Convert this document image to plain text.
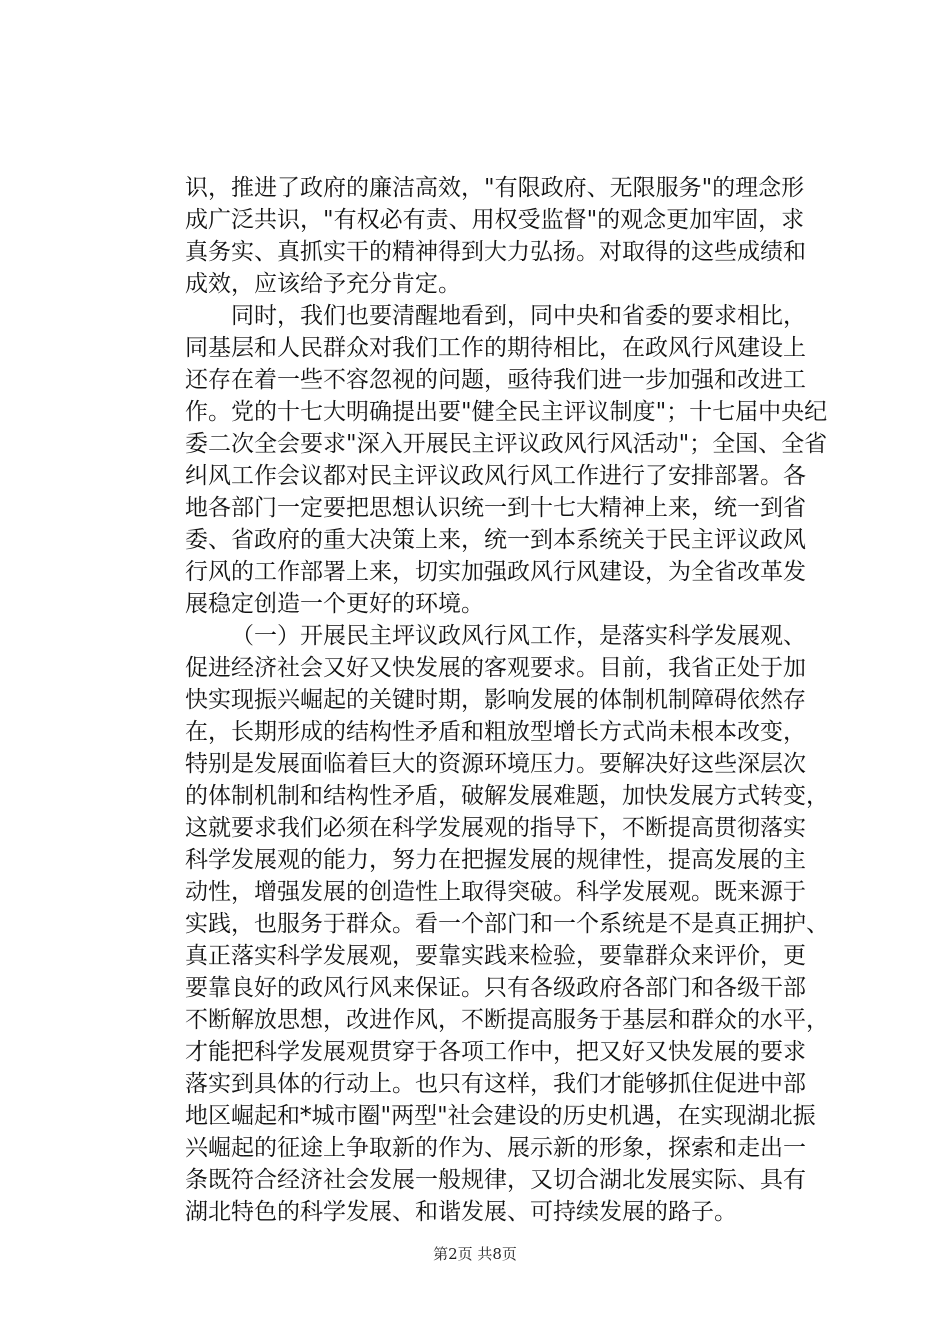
识，推进了政府的廉洁高效，"有限政府、无限服务"的理念形
成广泛共识，"有权必有责、用权受监督"的观念更加牢固，求
真务实、真抓实干的精神得到大力弘扬。对取得的这些成绩和
成效，应该给予充分肯定。
同时，我们也要清醒地看到，同中央和省委的要求相比，
同基层和人民群众对我们工作的期待相比，在政风行风建设上
还存在着一些不容忽视的问题，亟待我们进一步加强和改进工
作。党的十七大明确提出要"健全民主评议制度"；十七届中央纪
委二次全会要求"深入开展民主评议政风行风活动"；全国、全省
纠风工作会议都对民主评议政风行风工作进行了安排部署。各
地各部门一定要把思想认识统一到十七大精神上来，统一到省
委、省政府的重大决策上来，统一到本系统关于民主评议政风
行风的工作部署上来，切实加强政风行风建设，为全省改革发
展稳定创造一个更好的环境。
（一）开展民主坪议政风行风工作，是落实科学发展观、
促进经济社会又好又快发展的客观要求。目前，我省正处于加
快实现振兴崛起的关键时期，影响发展的体制机制障碍依然存
在，长期形成的结构性矛盾和粗放型增长方式尚未根本改变，
特别是发展面临着巨大的资源环境压力。要解决好这些深层次
的体制机制和结构性矛盾，破解发展难题，加快发展方式转变，
这就要求我们必须在科学发展观的指导下，不断提高贯彻落实
科学发展观的能力，努力在把握发展的规律性，提高发展的主
动性，增强发展的创造性上取得突破。科学发展观。既来源于
实践，也服务于群众。看一个部门和一个系统是不是真正拥护、
真正落实科学发展观，要靠实践来检验，要靠群众来评价，更
要靠良好的政风行风来保证。只有各级政府各部门和各级干部
不断解放思想，改进作风，不断提高服务于基层和群众的水平，
才能把科学发展观贯穿于各项工作中，把又好又快发展的要求
落实到具体的行动上。也只有这样，我们才能够抓住促进中部
地区崛起和*城市圈"两型"社会建设的历史机遇，在实现湖北振
兴崛起的征途上争取新的作为、展示新的形象，探索和走出一
条既符合经济社会发展一般规律，又切合湖北发展实际、具有
湖北特色的科学发展、和谐发展、可持续发展的路子。
第2页 共8页
